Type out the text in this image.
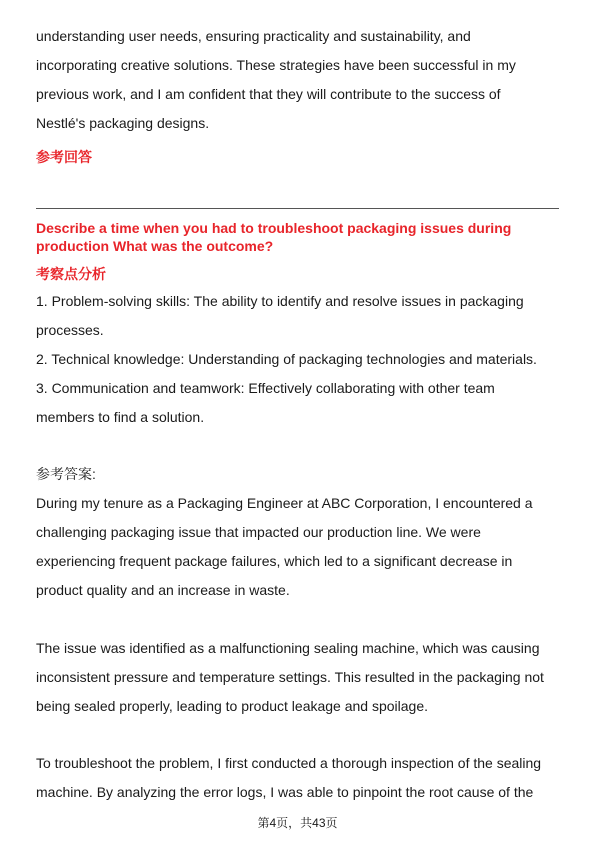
understanding user needs, ensuring practicality and sustainability, and
incorporating creative solutions. These strategies have been successful in my
previous work, and I am confident that they will contribute to the success of
Nestlé's packaging designs.
参考回答
Describe a time when you had to troubleshoot packaging issues during
production What was the outcome?
考察点分析
1. Problem-solving skills: The ability to identify and resolve issues in packaging
processes.
2. Technical knowledge: Understanding of packaging technologies and materials.
3. Communication and teamwork: Effectively collaborating with other team
members to find a solution.
参考答案:
During my tenure as a Packaging Engineer at ABC Corporation, I encountered a
challenging packaging issue that impacted our production line. We were
experiencing frequent package failures, which led to a significant decrease in
product quality and an increase in waste.
The issue was identified as a malfunctioning sealing machine, which was causing
inconsistent pressure and temperature settings. This resulted in the packaging not
being sealed properly, leading to product leakage and spoilage.
To troubleshoot the problem, I first conducted a thorough inspection of the sealing
machine. By analyzing the error logs, I was able to pinpoint the root cause of the
第4页，共43页
